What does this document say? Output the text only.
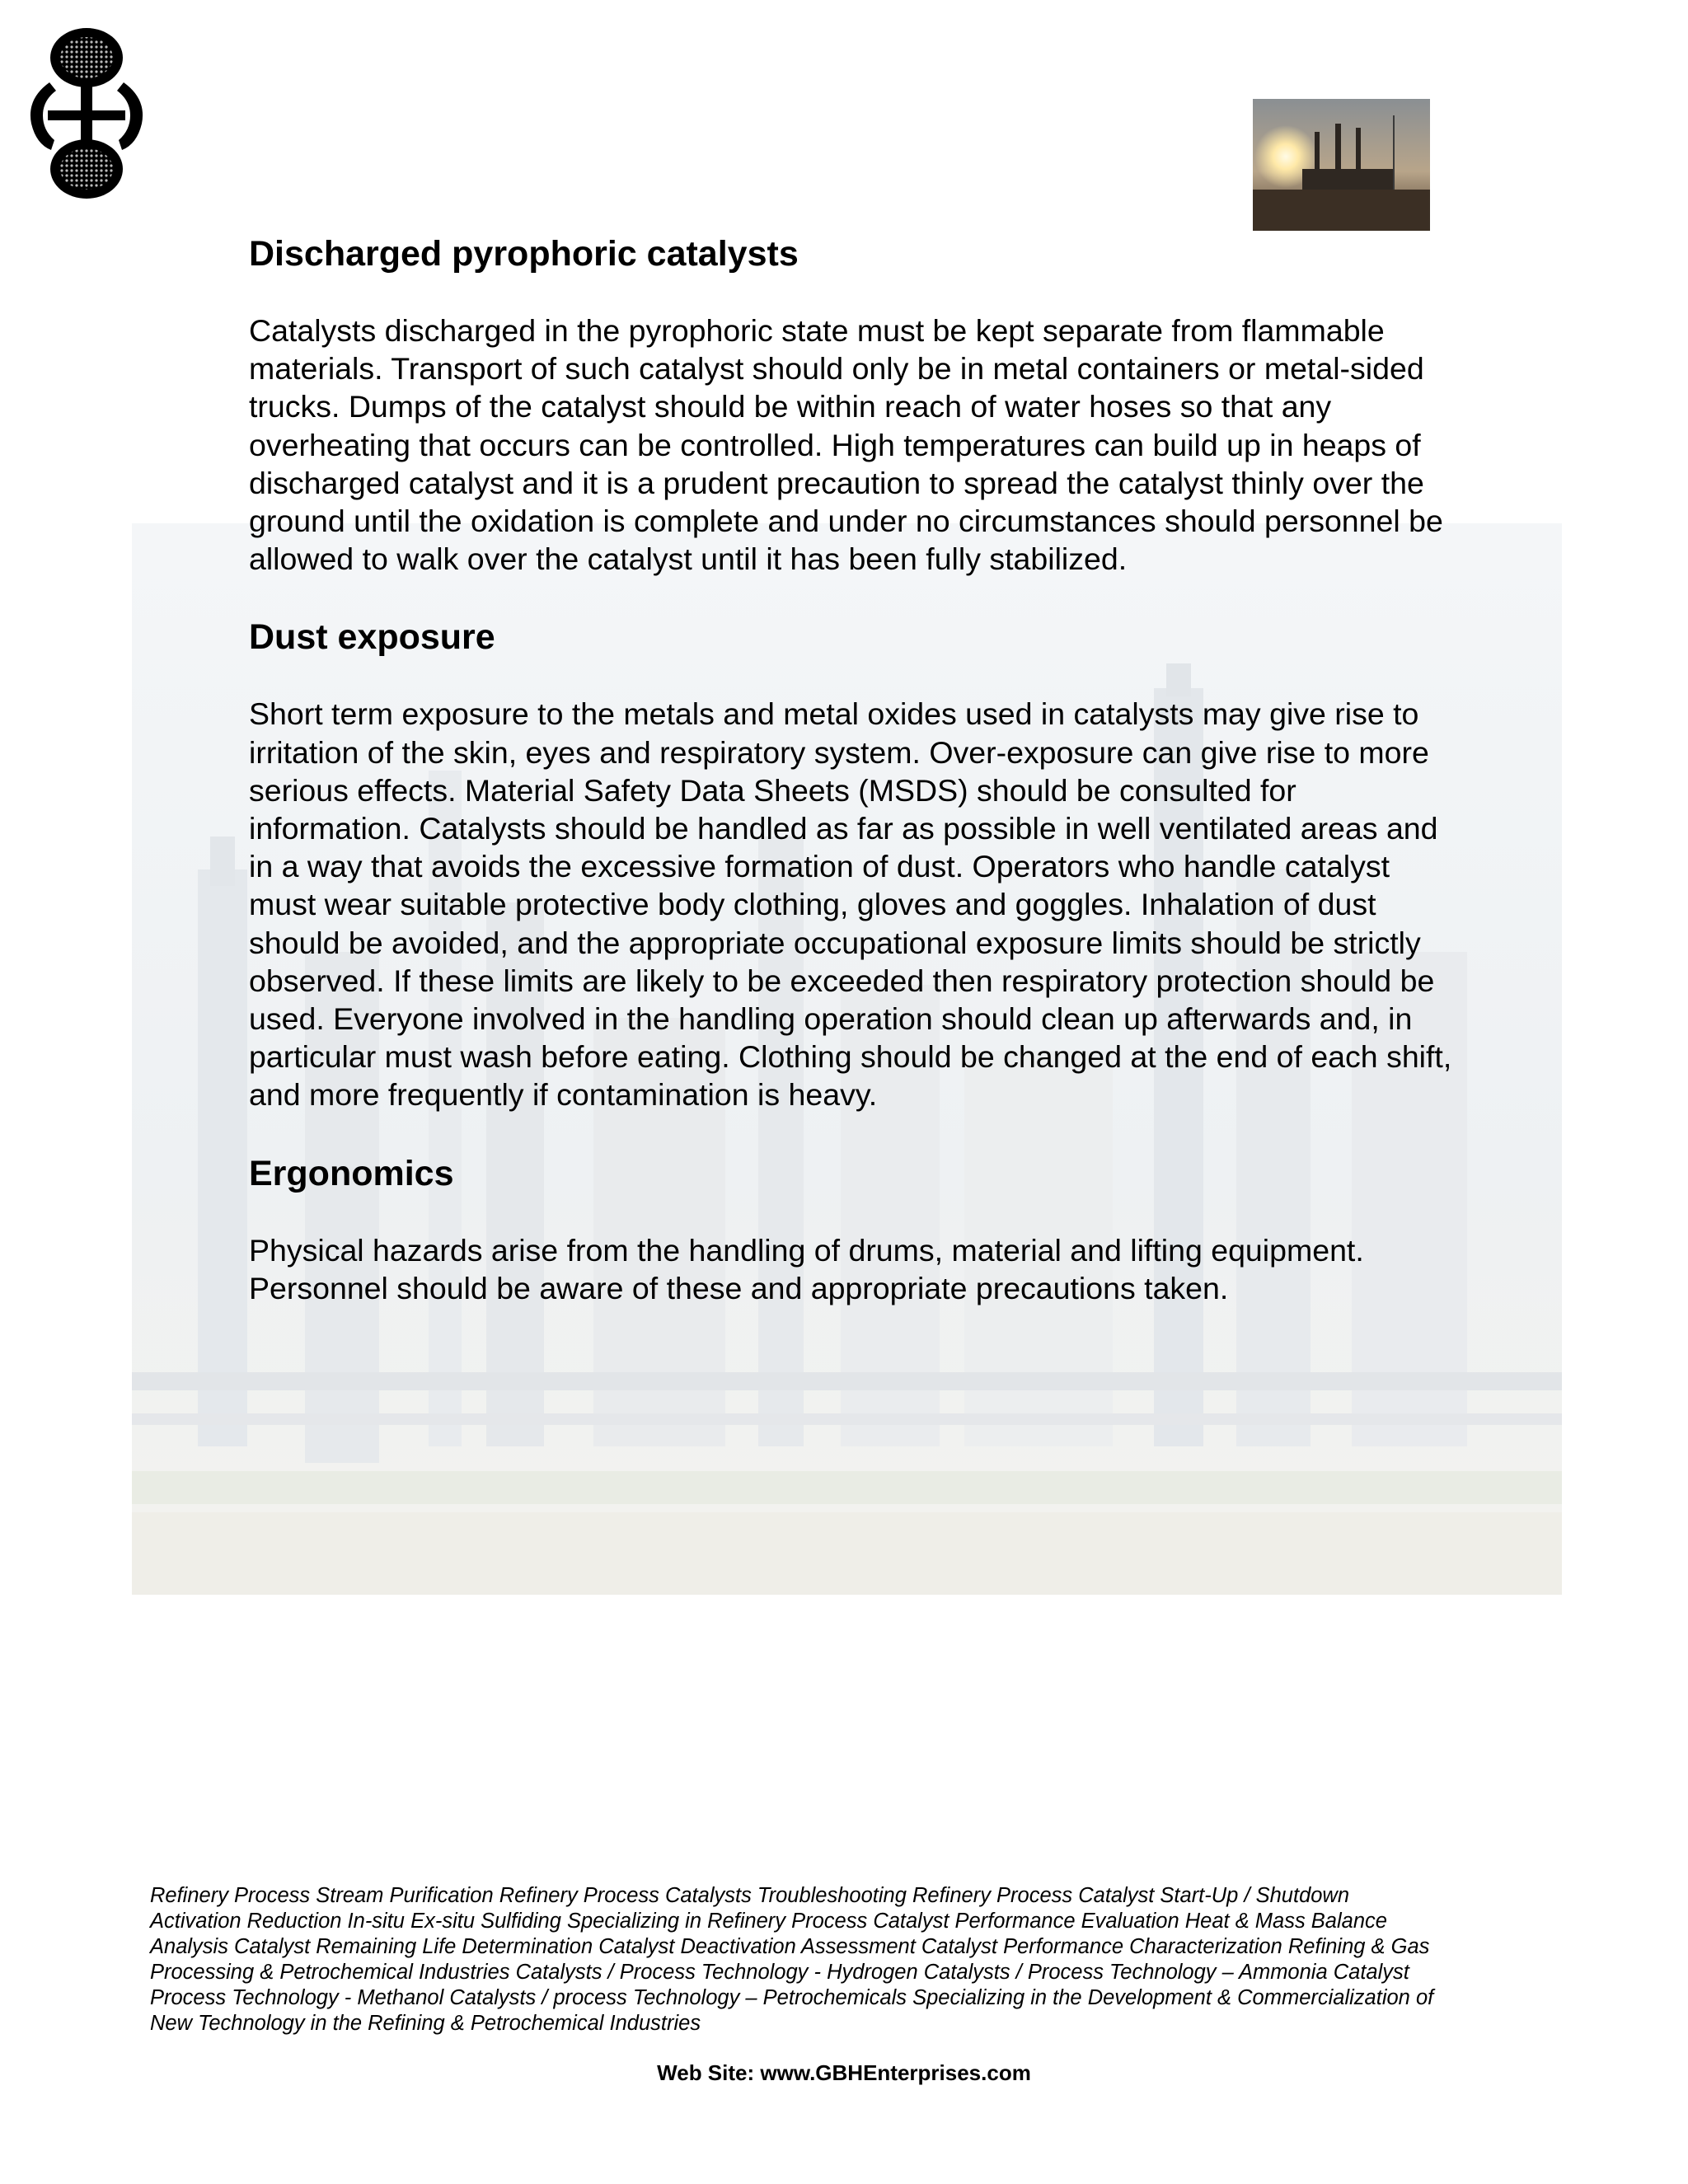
Discharged pyrophoric catalysts

Catalysts discharged in the pyrophoric state must be kept separate from flammable materials. Transport of such catalyst should only be in metal containers or metal-sided trucks. Dumps of the catalyst should be within reach of water hoses so that any overheating that occurs can be controlled. High temperatures can build up in heaps of discharged catalyst and it is a prudent precaution to spread the catalyst thinly over the ground until the oxidation is complete and under no circumstances should personnel be allowed to walk over the catalyst until it has been fully stabilized.

Dust exposure

Short term exposure to the metals and metal oxides used in catalysts may give rise to irritation of the skin, eyes and respiratory system. Over-exposure can give rise to more serious effects. Material Safety Data Sheets (MSDS) should be consulted for information. Catalysts should be handled as far as possible in well ventilated areas and in a way that avoids the excessive formation of dust. Operators who handle catalyst must wear suitable protective body clothing, gloves and goggles. Inhalation of dust should be avoided, and the appropriate occupational exposure limits should be strictly observed. If these limits are likely to be exceeded then respiratory protection should be used. Everyone involved in the handling operation should clean up afterwards and, in particular must wash before eating. Clothing should be changed at the end of each shift, and more frequently if contamination is heavy.

Ergonomics

Physical hazards arise from the handling of drums, material and lifting equipment. Personnel should be aware of these and appropriate precautions taken.

Refinery Process Stream Purification Refinery Process Catalysts Troubleshooting Refinery Process Catalyst Start-Up / Shutdown Activation Reduction In-situ Ex-situ Sulfiding Specializing in Refinery Process Catalyst Performance Evaluation Heat & Mass Balance Analysis Catalyst Remaining Life Determination Catalyst Deactivation Assessment Catalyst Performance Characterization Refining & Gas Processing & Petrochemical Industries Catalysts / Process Technology - Hydrogen Catalysts / Process Technology – Ammonia Catalyst Process Technology - Methanol Catalysts / process Technology – Petrochemicals Specializing in the Development & Commercialization of New Technology in the Refining & Petrochemical Industries

Web Site: www.GBHEnterprises.com
